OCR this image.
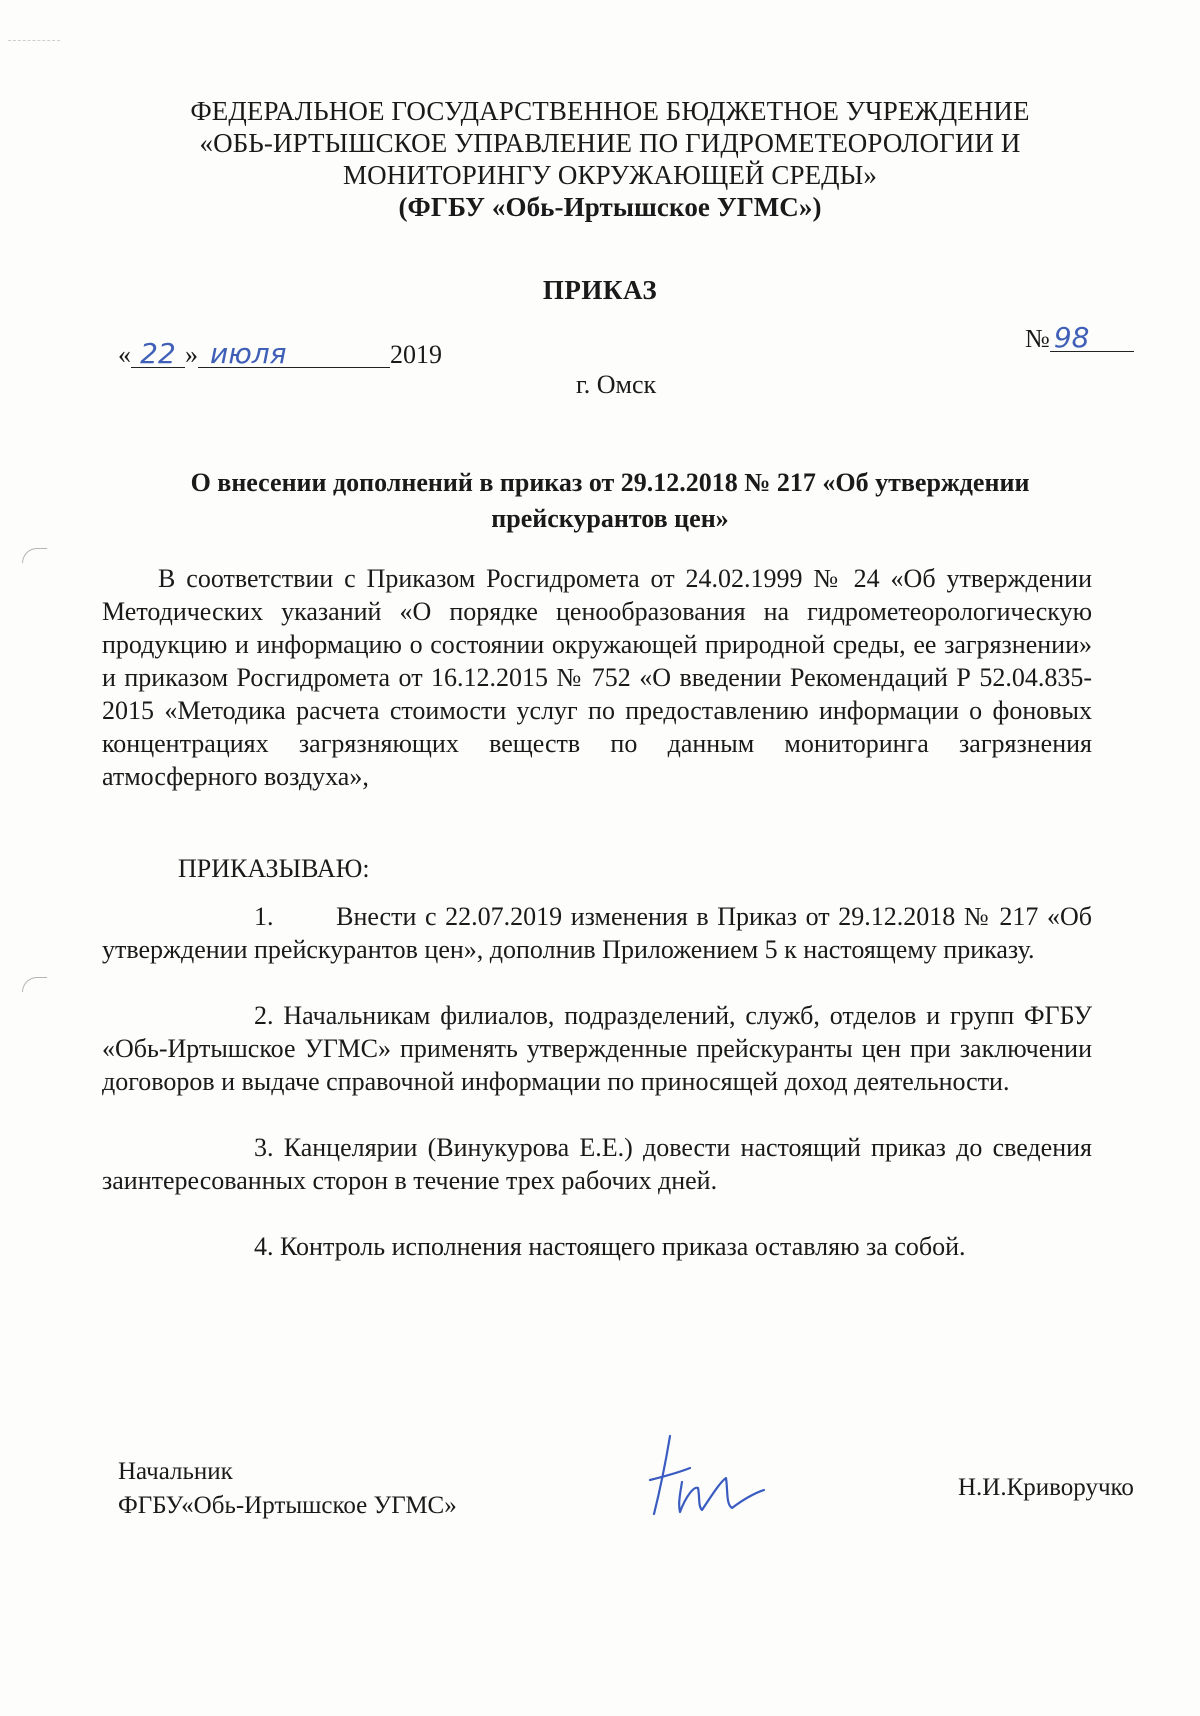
ФЕДЕРАЛЬНОЕ ГОСУДАРСТВЕННОЕ БЮДЖЕТНОЕ УЧРЕЖДЕНИЕ
«ОБЬ-ИРТЫШСКОЕ УПРАВЛЕНИЕ ПО ГИДРОМЕТЕОРОЛОГИИ И
МОНИТОРИНГУ ОКРУЖАЮЩЕЙ СРЕДЫ»
(ФГБУ «Обь-Иртышское УГМС»)
ПРИКАЗ
« 22 » июля	2019
№ 98
г. Омск
О внесении дополнений в приказ от 29.12.2018 № 217 «Об утверждении
прейскурантов цен»
В соответствии с Приказом Росгидромета от 24.02.1999 № 24 «Об утверждении Методических указаний «О порядке ценообразования на гидрометеорологическую продукцию и информацию о состоянии окружающей природной среды, ее загрязнении» и приказом Росгидромета от 16.12.2015 № 752 «О введении Рекомендаций Р 52.04.835-2015 «Методика расчета стоимости услуг по предоставлению информации о фоновых концентрациях загрязняющих веществ по данным мониторинга загрязнения атмосферного воздуха»,
ПРИКАЗЫВАЮ:

1. Внести с 22.07.2019 изменения в Приказ от 29.12.2018 № 217 «Об утверждении прейскурантов цен», дополнив Приложением 5 к настоящему приказу.

2. Начальникам филиалов, подразделений, служб, отделов и групп ФГБУ «Обь-Иртышское УГМС» применять утвержденные прейскуранты цен при заключении договоров и выдаче справочной информации по приносящей доход деятельности.

3. Канцелярии (Винукурова Е.Е.) довести настоящий приказ до сведения заинтересованных сторон в течение трех рабочих дней.

4. Контроль исполнения настоящего приказа оставляю за собой.

Начальник
ФГБУ«Обь-Иртышское УГМС»
Н.И.Криворучко
